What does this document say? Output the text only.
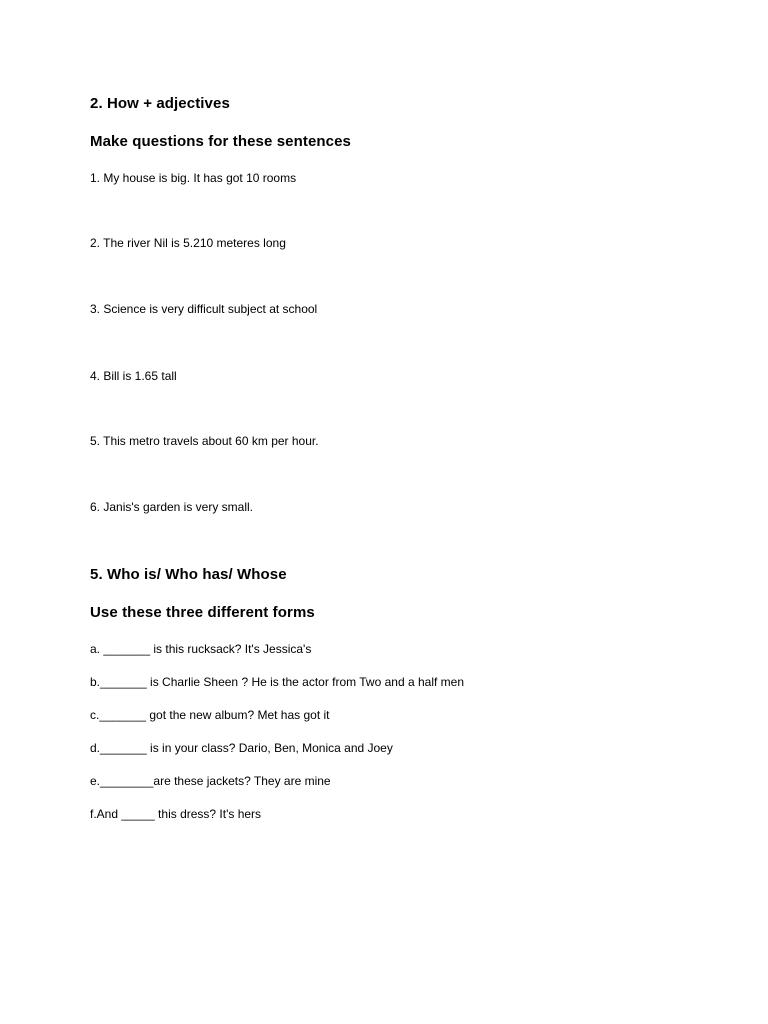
2. How + adjectives
Make questions for these sentences
1. My house is big. It has got 10 rooms
2. The river Nil is 5.210 meteres long
3. Science is very difficult subject at school
4. Bill is 1.65 tall
5. This metro travels about 60 km per hour.
6. Janis's garden is very small.
5. Who is/ Who has/ Whose
Use these three different forms
a. _______ is this rucksack? It's Jessica's
b._______ is Charlie Sheen ? He is the actor from Two and a half men
c._______ got the new album? Met has got it
d._______ is in your class? Dario, Ben, Monica and Joey
e.________are these jackets? They are mine
f.And _____ this dress? It's hers
